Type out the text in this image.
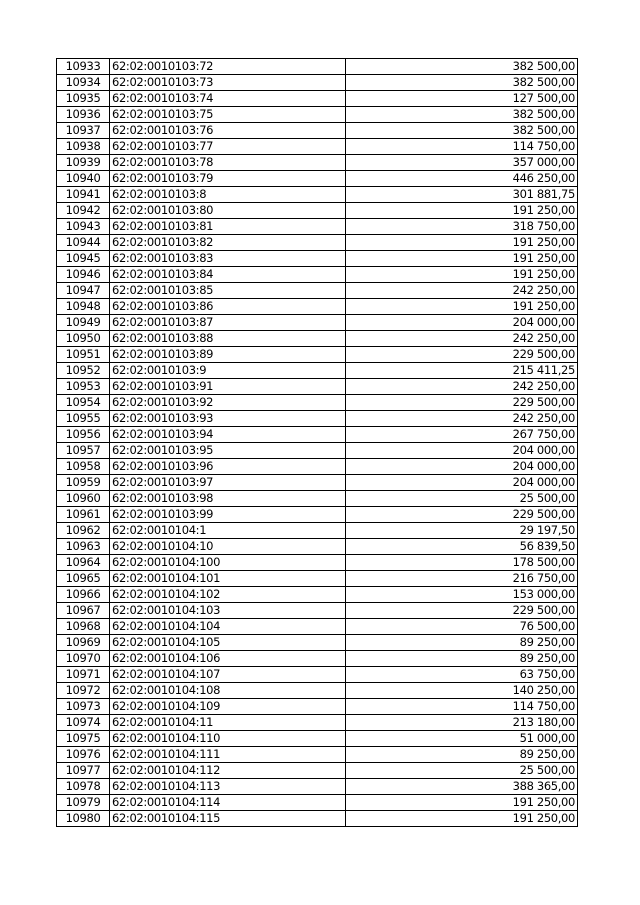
10933	62:02:0010103:72	382 500,00
10934	62:02:0010103:73	382 500,00
10935	62:02:0010103:74	127 500,00
10936	62:02:0010103:75	382 500,00
10937	62:02:0010103:76	382 500,00
10938	62:02:0010103:77	114 750,00
10939	62:02:0010103:78	357 000,00
10940	62:02:0010103:79	446 250,00
10941	62:02:0010103:8	301 881,75
10942	62:02:0010103:80	191 250,00
10943	62:02:0010103:81	318 750,00
10944	62:02:0010103:82	191 250,00
10945	62:02:0010103:83	191 250,00
10946	62:02:0010103:84	191 250,00
10947	62:02:0010103:85	242 250,00
10948	62:02:0010103:86	191 250,00
10949	62:02:0010103:87	204 000,00
10950	62:02:0010103:88	242 250,00
10951	62:02:0010103:89	229 500,00
10952	62:02:0010103:9	215 411,25
10953	62:02:0010103:91	242 250,00
10954	62:02:0010103:92	229 500,00
10955	62:02:0010103:93	242 250,00
10956	62:02:0010103:94	267 750,00
10957	62:02:0010103:95	204 000,00
10958	62:02:0010103:96	204 000,00
10959	62:02:0010103:97	204 000,00
10960	62:02:0010103:98	25 500,00
10961	62:02:0010103:99	229 500,00
10962	62:02:0010104:1	29 197,50
10963	62:02:0010104:10	56 839,50
10964	62:02:0010104:100	178 500,00
10965	62:02:0010104:101	216 750,00
10966	62:02:0010104:102	153 000,00
10967	62:02:0010104:103	229 500,00
10968	62:02:0010104:104	76 500,00
10969	62:02:0010104:105	89 250,00
10970	62:02:0010104:106	89 250,00
10971	62:02:0010104:107	63 750,00
10972	62:02:0010104:108	140 250,00
10973	62:02:0010104:109	114 750,00
10974	62:02:0010104:11	213 180,00
10975	62:02:0010104:110	51 000,00
10976	62:02:0010104:111	89 250,00
10977	62:02:0010104:112	25 500,00
10978	62:02:0010104:113	388 365,00
10979	62:02:0010104:114	191 250,00
10980	62:02:0010104:115	191 250,00
